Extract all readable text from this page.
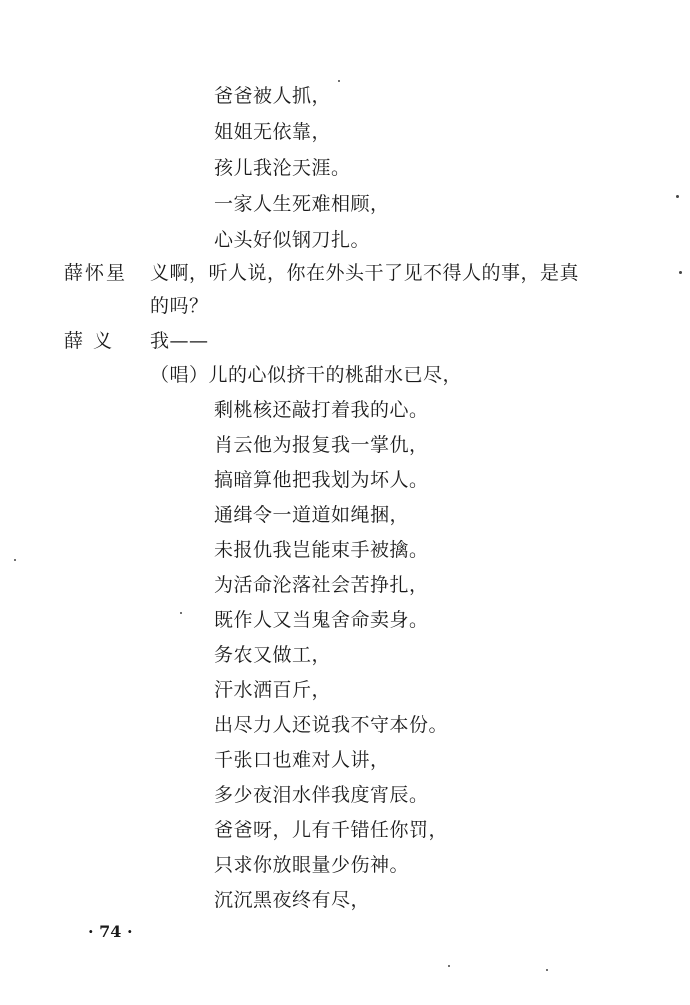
爸爸被人抓，
姐姐无依靠，
孩儿我沦天涯。
一家人生死难相顾，
心头好似钢刀扎。
薛怀星 义啊，听人说，你在外头干了见不得人的事，是真
的吗？
薛 义 我——
（唱）儿的心似挤干的桃甜水已尽，
剩桃核还敲打着我的心。
肖云他为报复我一掌仇，
搞暗算他把我划为坏人。
通缉令一道道如绳捆，
未报仇我岂能束手被擒。
为活命沦落社会苦挣扎，
既作人又当鬼舍命卖身。
务农又做工，
汗水洒百斤，
出尽力人还说我不守本份。
千张口也难对人讲，
多少夜泪水伴我度宵辰。
爸爸呀，儿有千错任你罚，
只求你放眼量少伤神。
沉沉黑夜终有尽，
· 74 ·
